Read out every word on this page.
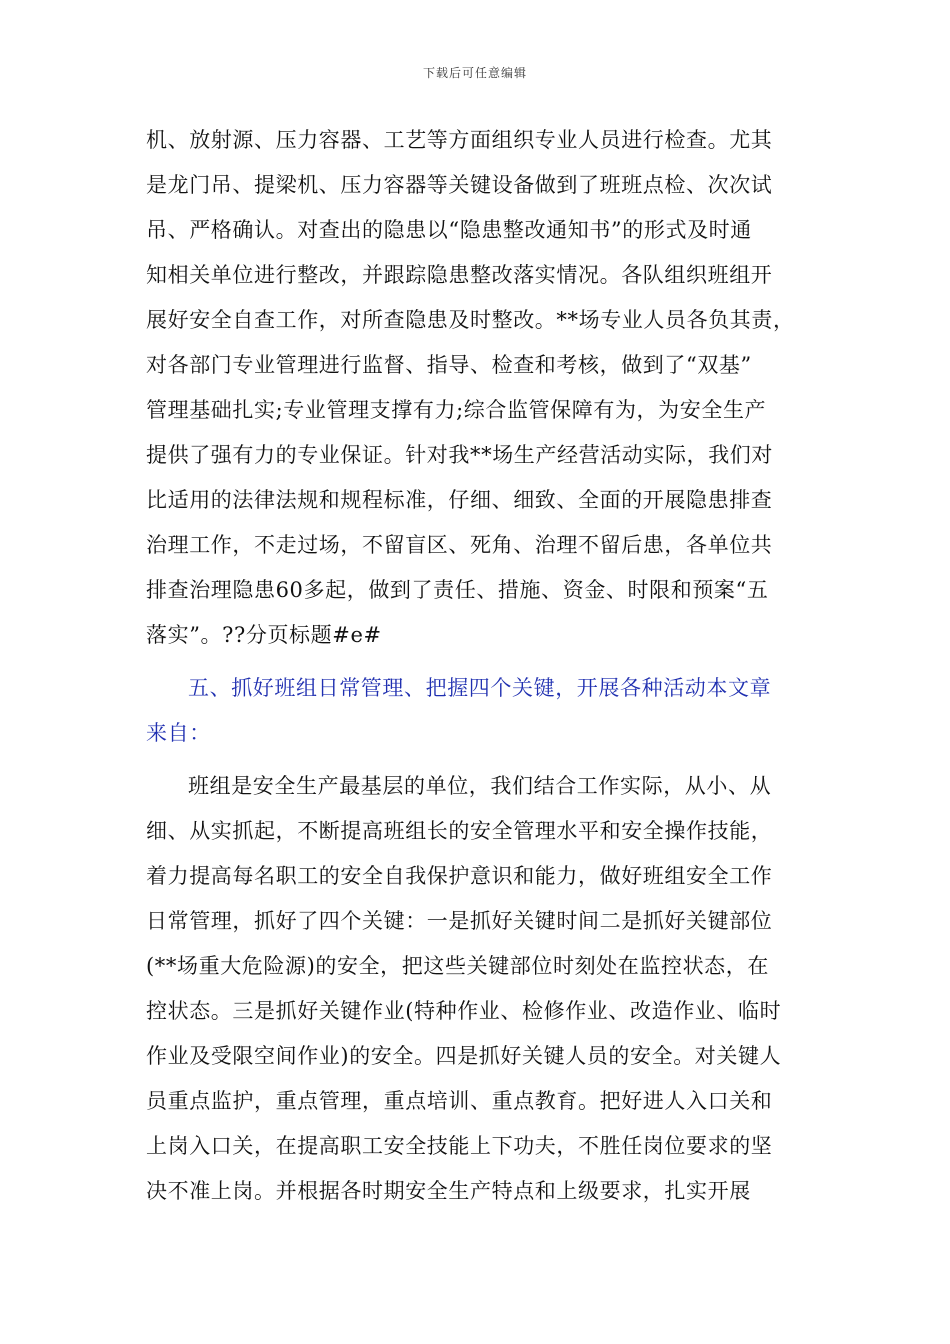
下载后可任意编辑
机、放射源、压力容器、工艺等方面组织专业人员进行检查。尤其
是龙门吊、提梁机、压力容器等关键设备做到了班班点检、次次试
吊、严格确认。对查出的隐患以“隐患整改通知书”的形式及时通
知相关单位进行整改，并跟踪隐患整改落实情况。各队组织班组开
展好安全自查工作，对所查隐患及时整改。**场专业人员各负其责，
对各部门专业管理进行监督、指导、检查和考核，做到了“双基”
管理基础扎实;专业管理支撑有力;综合监管保障有为，为安全生产
提供了强有力的专业保证。针对我**场生产经营活动实际，我们对
比适用的法律法规和规程标准，仔细、细致、全面的开展隐患排查
治理工作，不走过场，不留盲区、死角、治理不留后患，各单位共
排查治理隐患60多起，做到了责任、措施、资金、时限和预案“五
落实”。??分页标题#e#
五、抓好班组日常管理、把握四个关键，开展各种活动本文章
来自：
班组是安全生产最基层的单位，我们结合工作实际，从小、从
细、从实抓起，不断提高班组长的安全管理水平和安全操作技能，
着力提高每名职工的安全自我保护意识和能力，做好班组安全工作
日常管理，抓好了四个关键：一是抓好关键时间二是抓好关键部位
(**场重大危险源)的安全，把这些关键部位时刻处在监控状态，在
控状态。三是抓好关键作业(特种作业、检修作业、改造作业、临时
作业及受限空间作业)的安全。四是抓好关键人员的安全。对关键人
员重点监护，重点管理，重点培训、重点教育。把好进人入口关和
上岗入口关，在提高职工安全技能上下功夫，不胜任岗位要求的坚
决不准上岗。并根据各时期安全生产特点和上级要求，扎实开展
